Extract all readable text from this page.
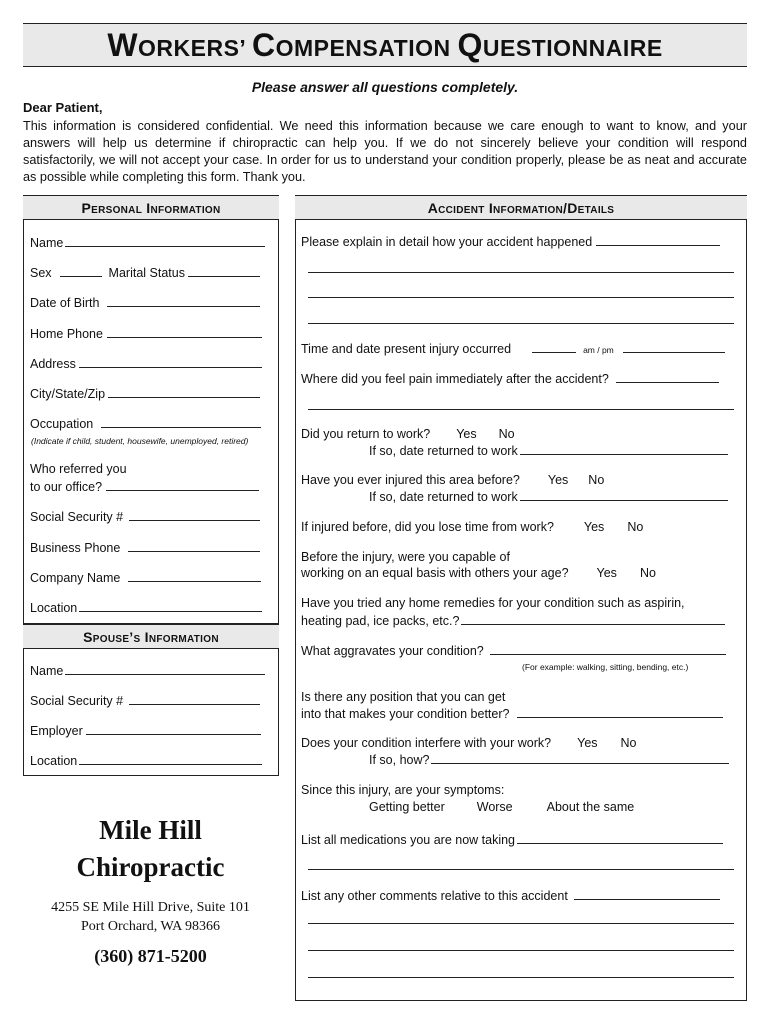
WORKERS’ COMPENSATION QUESTIONNAIRE
Please answer all questions completely.
Dear Patient,
This information is considered confidential. We need this information because we care enough to want to know, and your answers will help us determine if chiropractic can help you. If we do not sincerely believe your condition will respond satisfactorily, we will not accept your case. In order for us to understand your condition properly, please be as neat and accurate as possible while completing this form. Thank you.
Personal Information
Name
Sex	Marital Status
Date of Birth
Home Phone
Address
City/State/Zip
Occupation
(Indicate if child, student, housewife, unemployed, retired)
Who referred you
to our office?
Social Security #
Business Phone
Company Name
Location
Spouse’s Information
Name
Social Security #
Employer
Location
Mile Hill
Chiropractic
4255 SE Mile Hill Drive, Suite 101
Port Orchard, WA 98366
(360) 871-5200
Accident Information/Details
Please explain in detail how your accident happened
Time and date present injury occurred	am / pm
Where did you feel pain immediately after the accident?
Did you return to work? Yes No
If so, date returned to work
Have you ever injured this area before? Yes No
If so, date returned to work
If injured before, did you lose time from work? Yes No
Before the injury, were you capable of
working on an equal basis with others your age? Yes No
Have you tried any home remedies for your condition such as aspirin,
heating pad, ice packs, etc.?
What aggravates your condition?
(For example: walking, sitting, bending, etc.)
Is there any position that you can get
into that makes your condition better?
Does your condition interfere with your work? Yes No
If so, how?
Since this injury, are your symptoms:
Getting better	Worse	About the same
List all medications you are now taking
List any other comments relative to this accident
